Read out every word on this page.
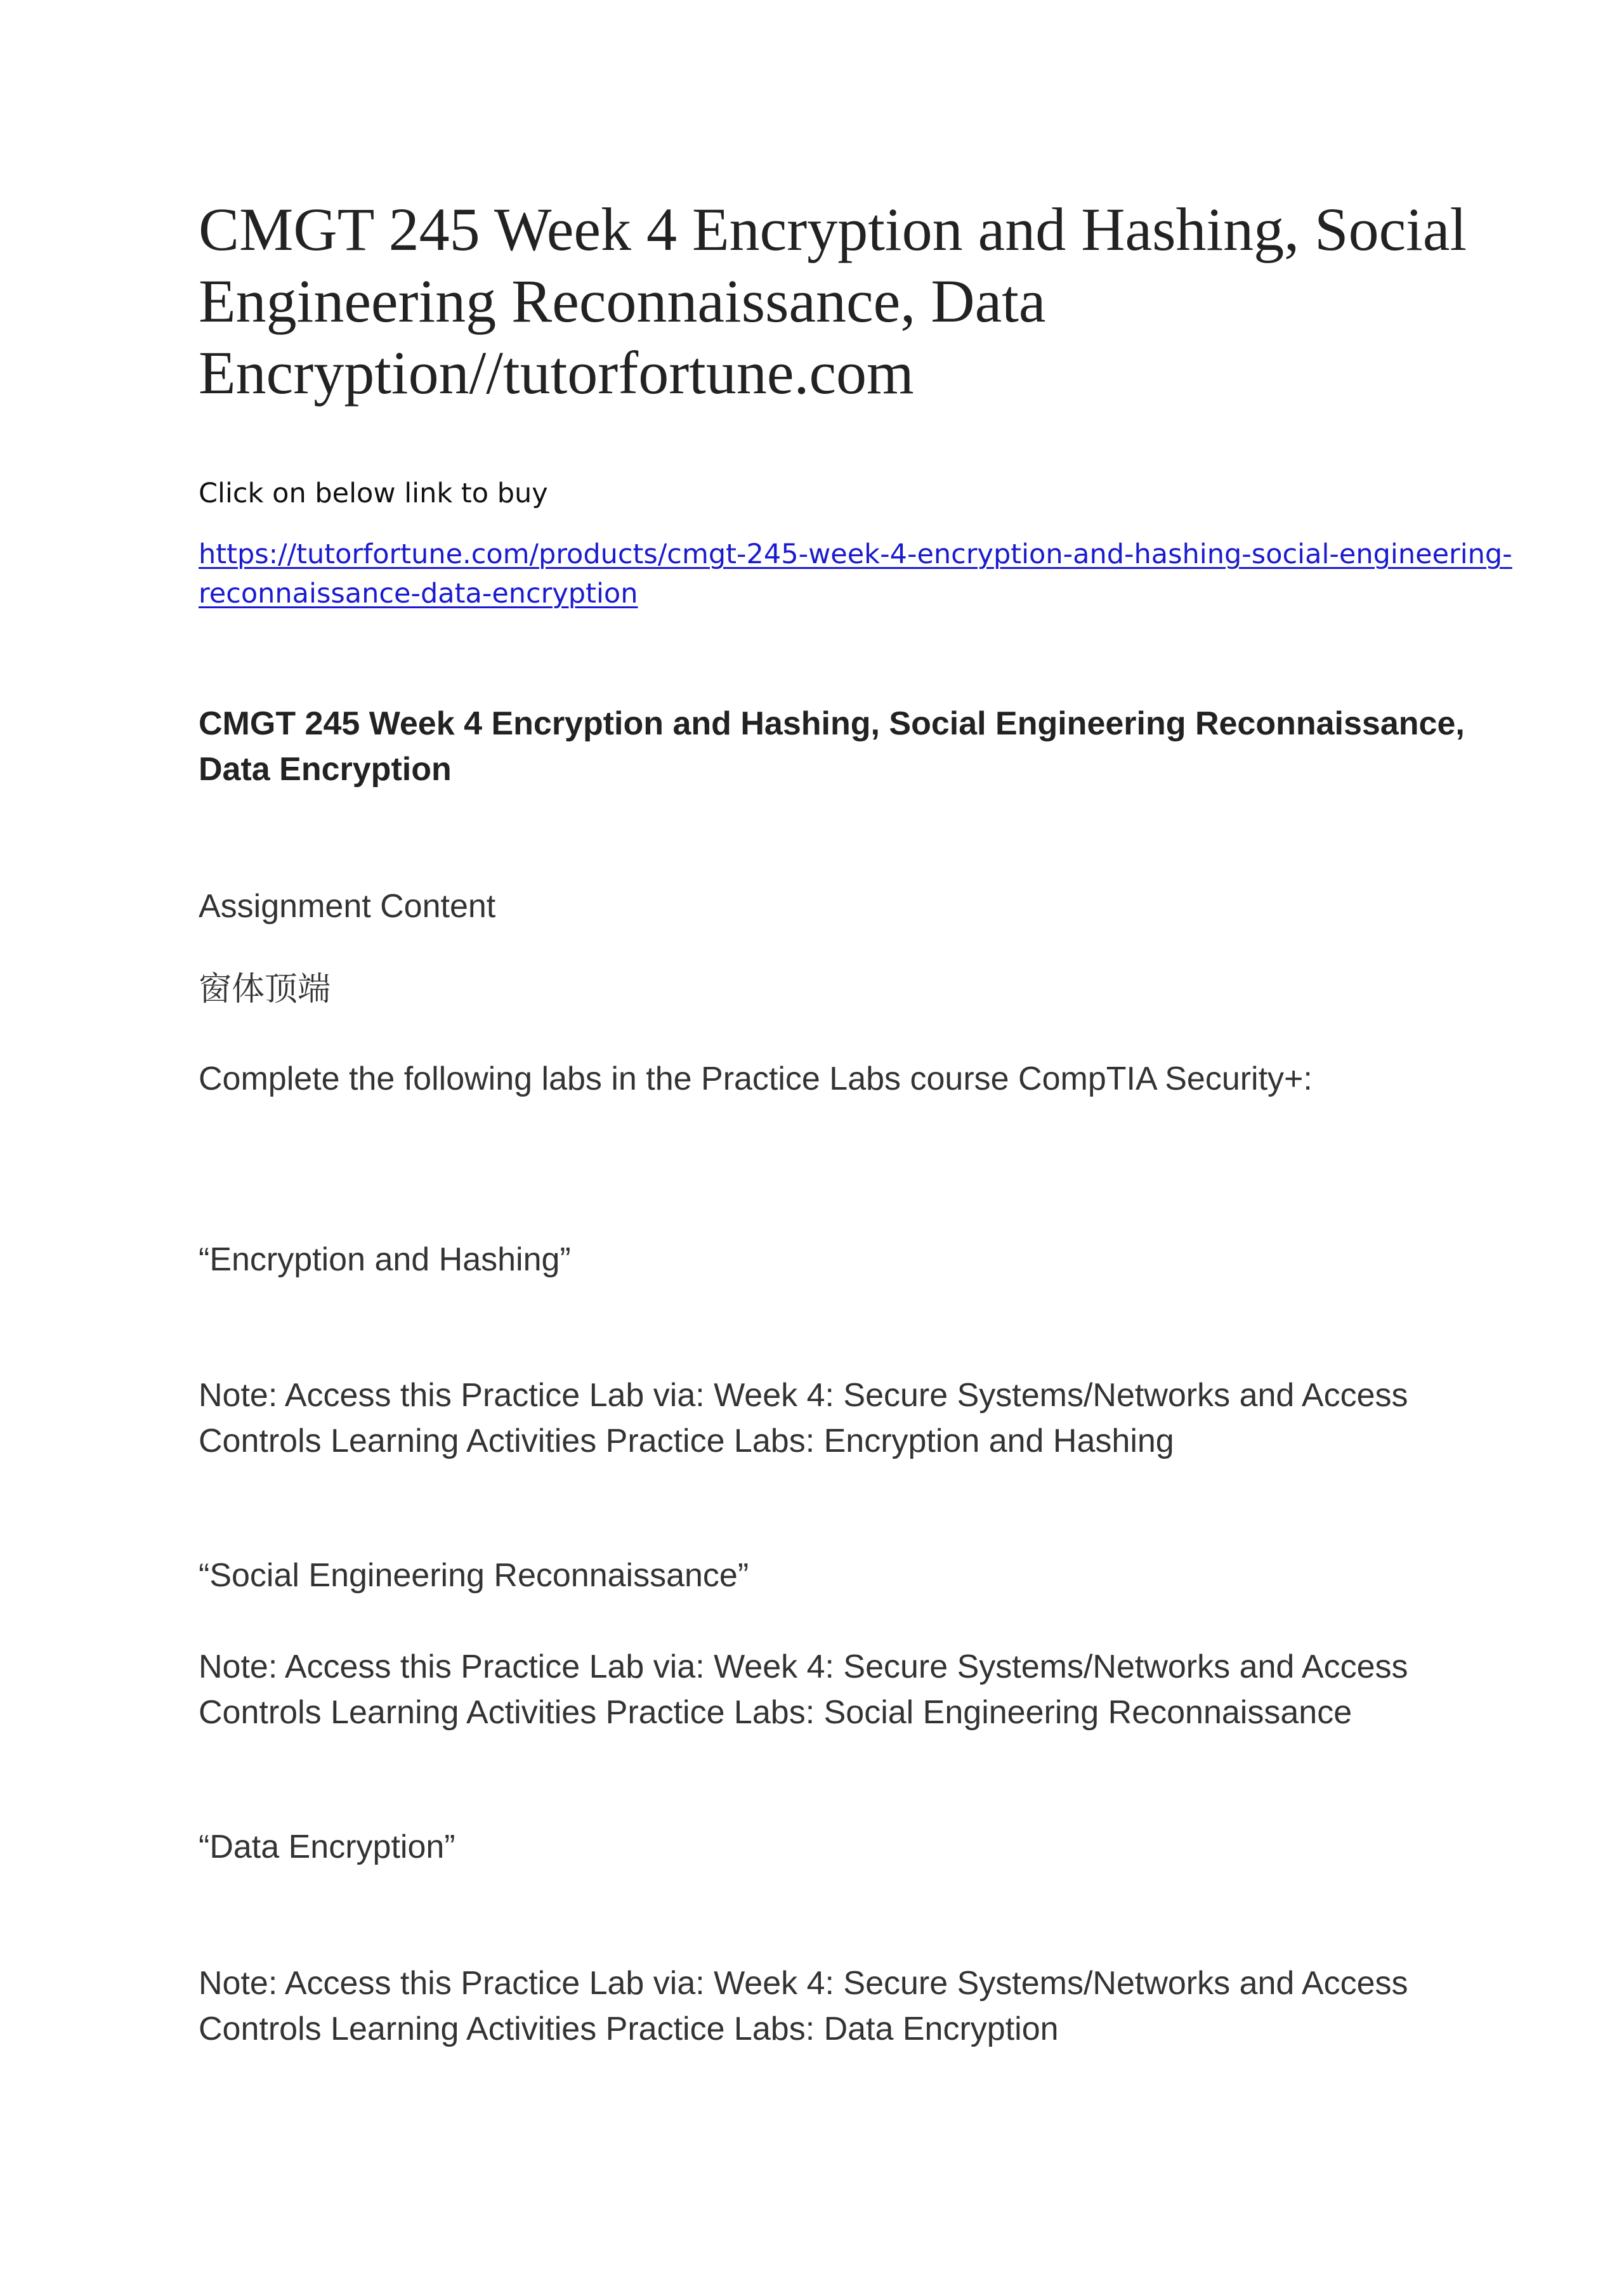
CMGT 245 Week 4 Encryption and Hashing, Social Engineering Reconnaissance, Data Encryption//tutorfortune.com

Click on below link to buy

https://tutorfortune.com/products/cmgt-245-week-4-encryption-and-hashing-social-engineering-
reconnaissance-data-encryption
CMGT 245 Week 4 Encryption and Hashing, Social Engineering Reconnaissance, Data Encryption

Assignment Content

窗体顶端

Complete the following labs in the Practice Labs course CompTIA Security+:

“Encryption and Hashing”

Note: Access this Practice Lab via: Week 4: Secure Systems/Networks and Access Controls Learning Activities Practice Labs: Encryption and Hashing

“Social Engineering Reconnaissance”

Note: Access this Practice Lab via: Week 4: Secure Systems/Networks and Access Controls Learning Activities Practice Labs: Social Engineering Reconnaissance

“Data Encryption”

Note: Access this Practice Lab via: Week 4: Secure Systems/Networks and Access Controls Learning Activities Practice Labs: Data Encryption
